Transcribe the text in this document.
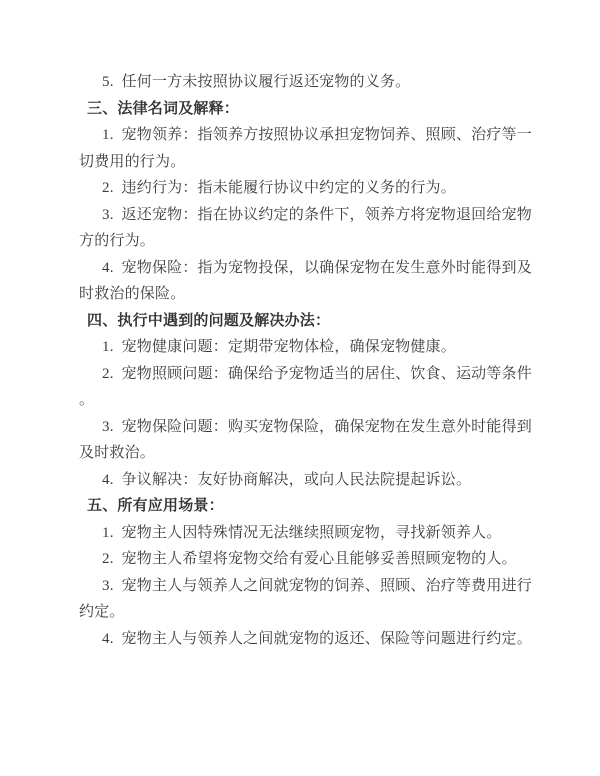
5.  任何一方未按照协议履行返还宠物的义务。
三、法律名词及解释：
1.  宠物领养：指领养方按照协议承担宠物饲养、照顾、治疗等一
切费用的行为。
2.  违约行为：指未能履行协议中约定的义务的行为。
3.  返还宠物：指在协议约定的条件下，领养方将宠物退回给宠物
方的行为。
4.  宠物保险：指为宠物投保，以确保宠物在发生意外时能得到及
时救治的保险。
四、执行中遇到的问题及解决办法：
1.  宠物健康问题：定期带宠物体检，确保宠物健康。
2.  宠物照顾问题：确保给予宠物适当的居住、饮食、运动等条件
。
3.  宠物保险问题：购买宠物保险，确保宠物在发生意外时能得到
及时救治。
4.  争议解决：友好协商解决，或向人民法院提起诉讼。
五、所有应用场景：
1.  宠物主人因特殊情况无法继续照顾宠物，寻找新领养人。
2.  宠物主人希望将宠物交给有爱心且能够妥善照顾宠物的人。
3.  宠物主人与领养人之间就宠物的饲养、照顾、治疗等费用进行
约定。
4.  宠物主人与领养人之间就宠物的返还、保险等问题进行约定。
